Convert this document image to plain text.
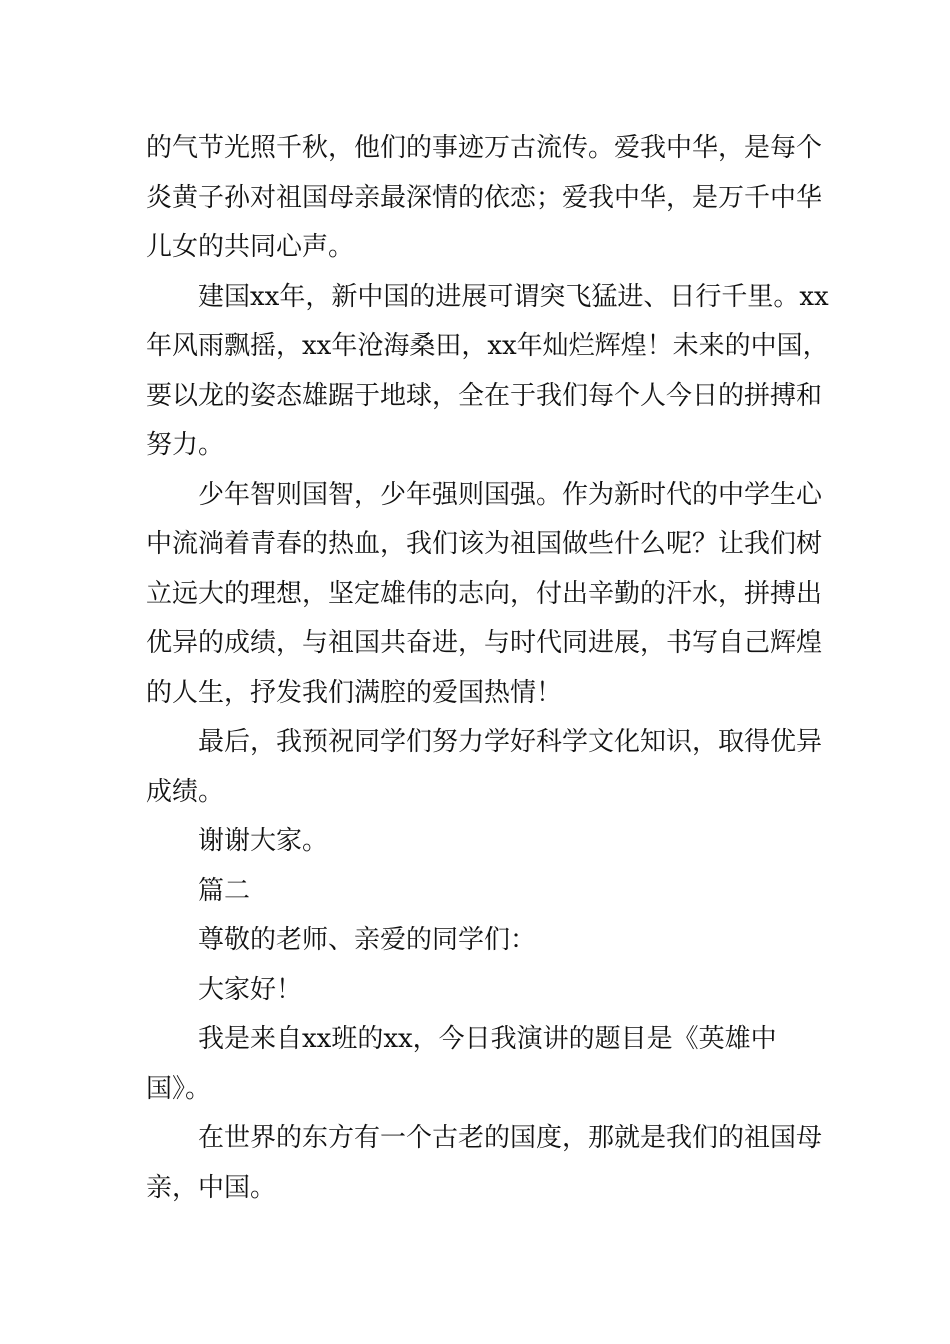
的气节光照千秋，他们的事迹万古流传。爱我中华，是每个炎黄子孙对祖国母亲最深情的依恋；爱我中华，是万千中华儿女的共同心声。

建国xx年，新中国的进展可谓突飞猛进、日行千里。xx年风雨飘摇，xx年沧海桑田，xx年灿烂辉煌！未来的中国，要以龙的姿态雄踞于地球，全在于我们每个人今日的拼搏和努力。

少年智则国智，少年强则国强。作为新时代的中学生心中流淌着青春的热血，我们该为祖国做些什么呢？让我们树立远大的理想，坚定雄伟的志向，付出辛勤的汗水，拼搏出优异的成绩，与祖国共奋进，与时代同进展，书写自己辉煌的人生，抒发我们满腔的爱国热情！

最后，我预祝同学们努力学好科学文化知识，取得优异成绩。

谢谢大家。

篇二

尊敬的老师、亲爱的同学们：

大家好！

我是来自xx班的xx，今日我演讲的题目是《英雄中国》。

在世界的东方有一个古老的国度，那就是我们的祖国母亲，中国。
